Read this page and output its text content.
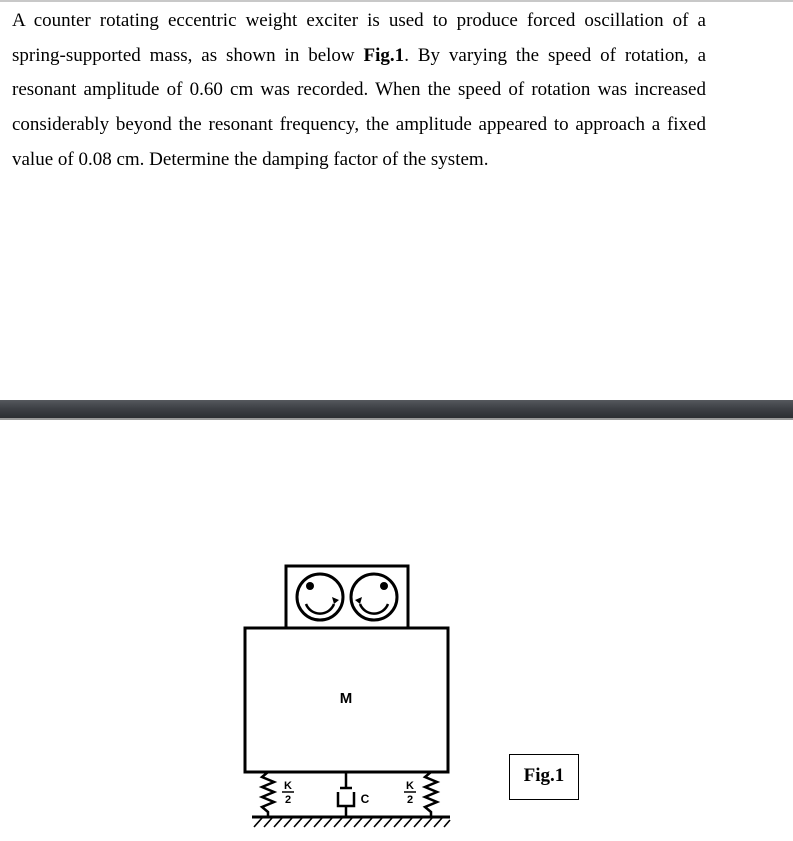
A counter rotating eccentric weight exciter is used to produce forced oscillation of a spring-supported mass, as shown in below Fig.1. By varying the speed of rotation, a resonant amplitude of 0.60 cm was recorded. When the speed of rotation was increased considerably beyond the resonant frequency, the amplitude appeared to approach a fixed value of 0.08 cm. Determine the damping factor of the system.

M
K
2
K
2
C
Fig.1
